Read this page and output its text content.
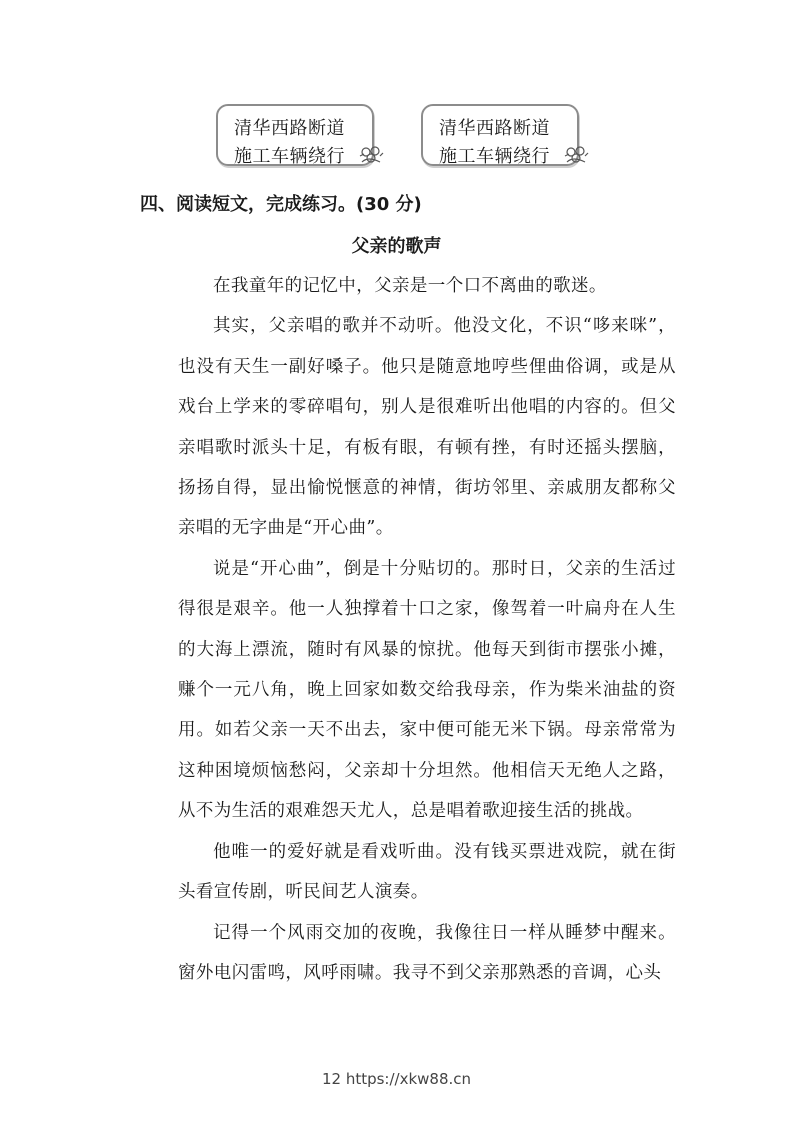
清华西路断道
施工车辆绕行
清华西路断道
施工车辆绕行
四、阅读短文，完成练习。(30 分)
父亲的歌声

在我童年的记忆中，父亲是一个口不离曲的歌迷。

其实，父亲唱的歌并不动听。他没文化，不识“哆来咪”，也没有天生一副好嗓子。他只是随意地哼些俚曲俗调，或是从戏台上学来的零碎唱句，别人是很难听出他唱的内容的。但父亲唱歌时派头十足，有板有眼，有顿有挫，有时还摇头摆脑，扬扬自得，显出愉悦惬意的神情，街坊邻里、亲戚朋友都称父亲唱的无字曲是“开心曲”。

说是“开心曲”，倒是十分贴切的。那时日，父亲的生活过得很是艰辛。他一人独撑着十口之家，像驾着一叶扁舟在人生的大海上漂流，随时有风暴的惊扰。他每天到街市摆张小摊，赚个一元八角，晚上回家如数交给我母亲，作为柴米油盐的资用。如若父亲一天不出去，家中便可能无米下锅。母亲常常为这种困境烦恼愁闷，父亲却十分坦然。他相信天无绝人之路，从不为生活的艰难怨天尤人，总是唱着歌迎接生活的挑战。

他唯一的爱好就是看戏听曲。没有钱买票进戏院，就在街头看宣传剧，听民间艺人演奏。

记得一个风雨交加的夜晚，我像往日一样从睡梦中醒来。窗外电闪雷鸣，风呼雨啸。我寻不到父亲那熟悉的音调，心头

12 https://xkw88.cn
